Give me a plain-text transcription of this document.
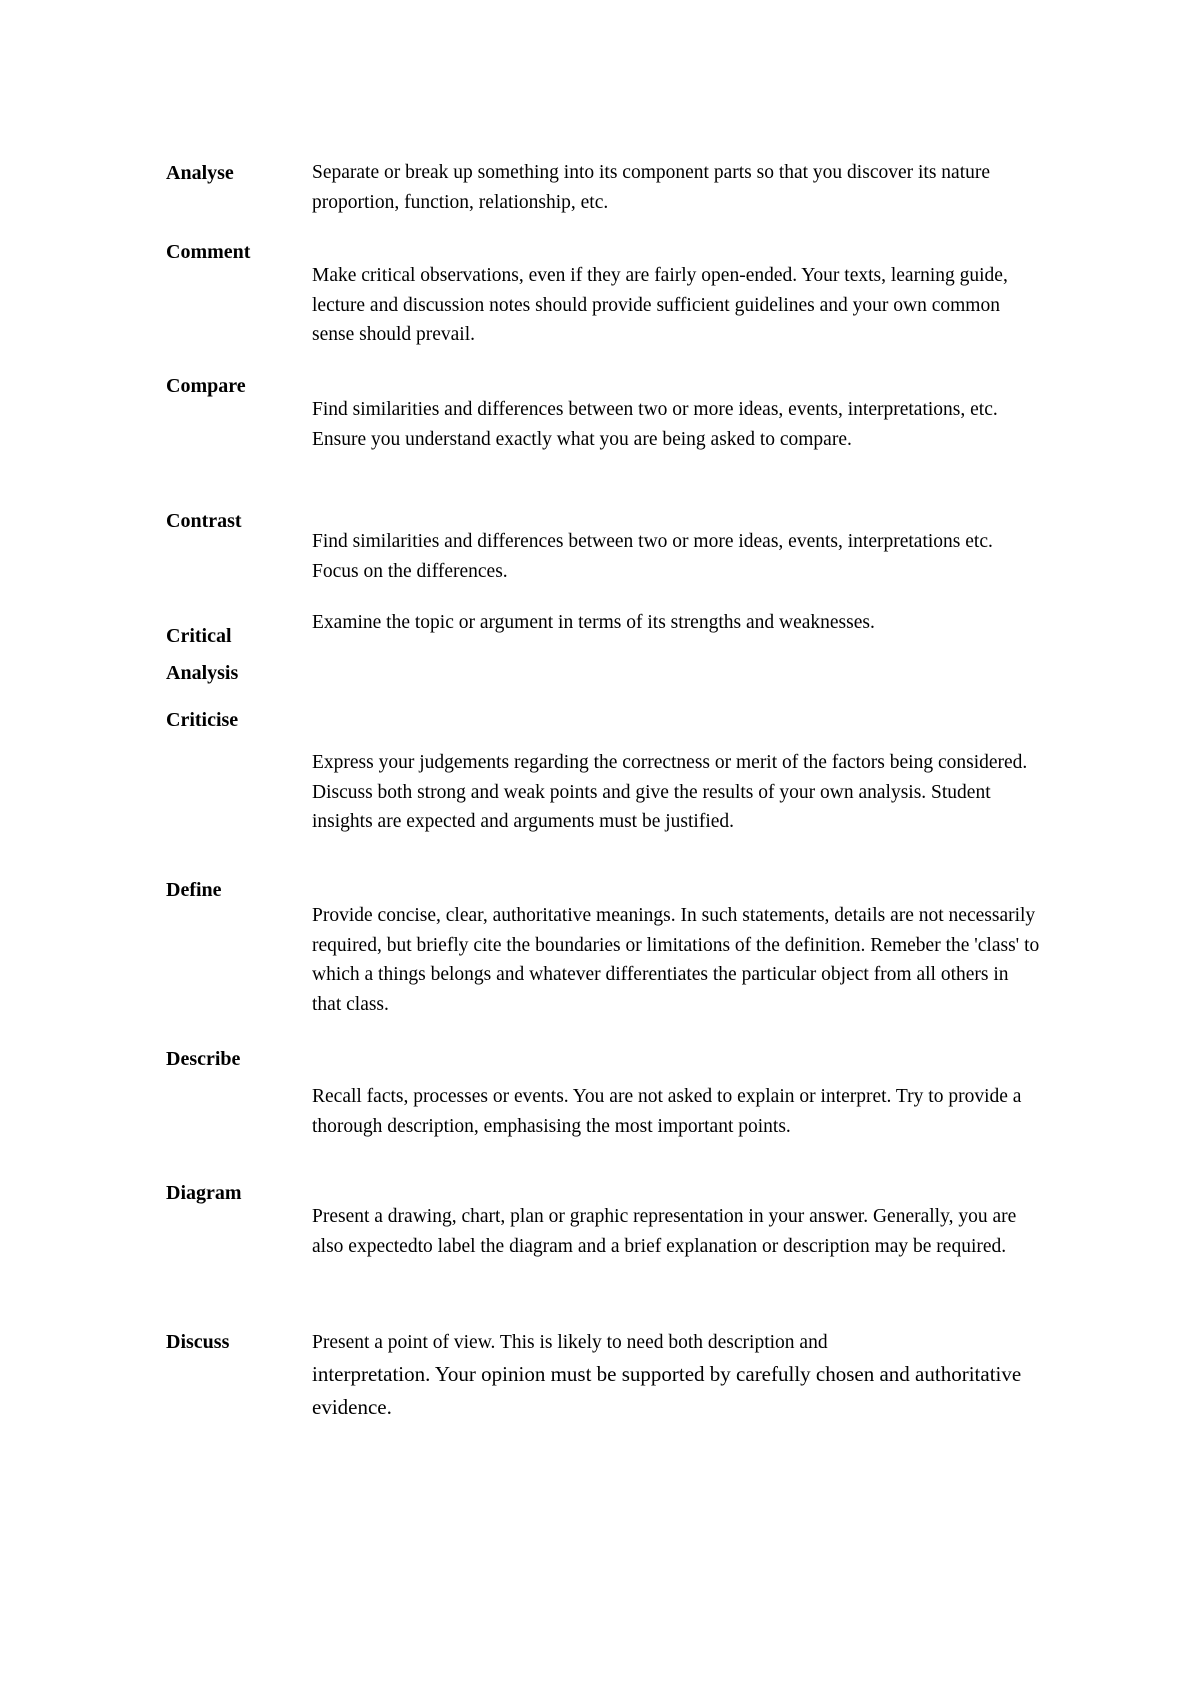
Analyse	Separate or break up something into its component parts so that you discover its nature proportion, function, relationship, etc.
Comment
Make critical observations, even if they are fairly open-ended. Your texts, learning guide, lecture and discussion notes should provide sufficient guidelines and your own common sense should prevail.
Compare
Find similarities and differences between two or more ideas, events, interpretations, etc. Ensure you understand exactly what you are being asked to compare.
Contrast
Find similarities and differences between two or more ideas, events, interpretations etc. Focus on the differences.
Critical
Analysis
Examine the topic or argument in terms of its strengths and weaknesses.
Criticise
Express your judgements regarding the correctness or merit of the factors being considered. Discuss both strong and weak points and give the results of your own analysis. Student insights are expected and arguments must be justified.
Define
Provide concise, clear, authoritative meanings. In such statements, details are not necessarily required, but briefly cite the boundaries or limitations of the definition. Remeber the 'class' to which a things belongs and whatever differentiates the particular object from all others in that class.
Describe
Recall facts, processes or events. You are not asked to explain or interpret. Try to provide a thorough description, emphasising the most important points.
Diagram
Present a drawing, chart, plan or graphic representation in your answer. Generally, you are also expectedto label the diagram and a brief explanation or description may be required.
Discuss	Present a point of view. This is likely to need both description and
interpretation. Your opinion must be supported by carefully chosen and authoritative evidence.
